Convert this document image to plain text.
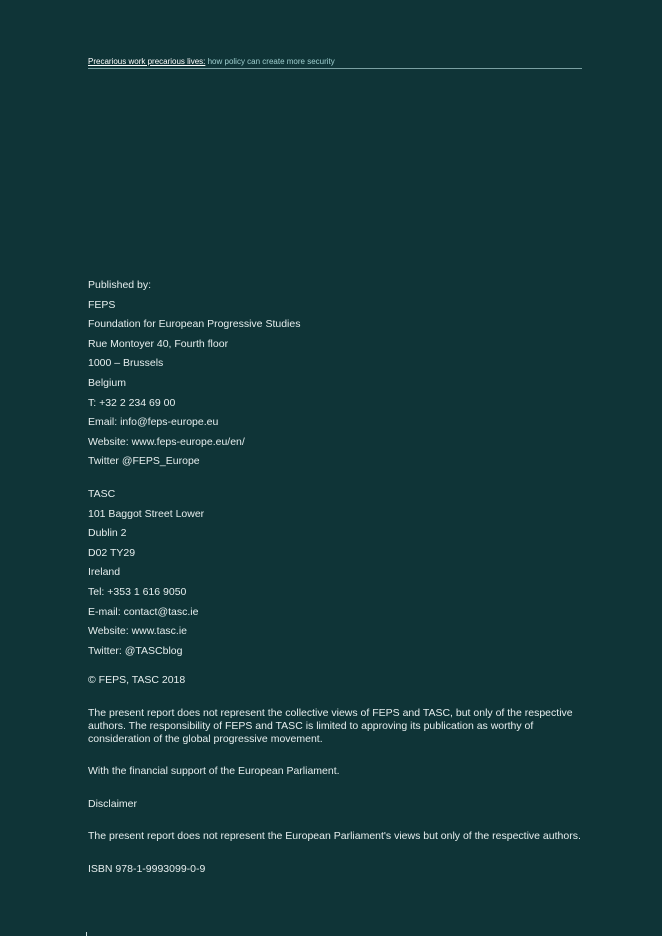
Precarious work precarious lives: how policy can create more security
Published by:
FEPS
Foundation for European Progressive Studies
Rue Montoyer 40, Fourth floor
1000 – Brussels
Belgium
T: +32 2 234 69 00
Email: info@feps-europe.eu
Website: www.feps-europe.eu/en/
Twitter @FEPS_Europe
TASC
101 Baggot Street Lower
Dublin 2
D02 TY29
Ireland
Tel: +353 1 616 9050
E-mail: contact@tasc.ie
Website: www.tasc.ie
Twitter: @TASCblog

© FEPS, TASC 2018

The present report does not represent the collective views of FEPS and TASC, but only of the respective authors. The responsibility of FEPS and TASC is limited to approving its publication as worthy of consideration of the global progressive movement.

With the financial support of the European Parliament.

Disclaimer

The present report does not represent the European Parliament's views but only of the respective authors.

ISBN 978-1-9993099-0-9
